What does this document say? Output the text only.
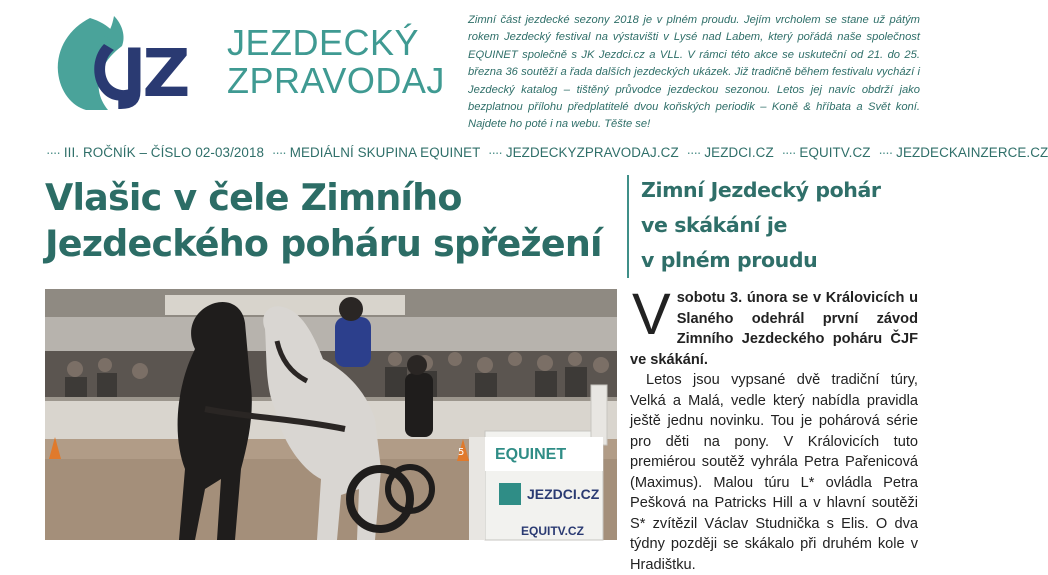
JZ JEZDECKÝ
ZPRAVODAJ

Zimní část jezdecké sezony 2018 je v plném proudu. Jejím vrcholem se stane už pátým rokem Jezdecký festival na výstavišti v Lysé nad Labem, který pořádá naše společnost EQUINET společně s JK Jezdci.cz a VLL. V rámci této akce se uskuteční od 21. do 25. března 36 soutěží a řada dalších jezdeckých ukázek. Již tradičně během festivalu vychází i Jezdecký katalog – tištěný průvodce jezdeckou sezonou. Letos jej navíc obdrží jako bezplatnou přílohu předplatitelé dvou koňských periodik – Koně & hříbata a Svět koní. Najdete ho poté i na webu. Těšte se!

···· III. ROČNÍK – ČÍSLO 02-03/2018 ···· MEDIÁLNÍ SKUPINA EQUINET ···· JEZDECKYZPRAVODAJ.CZ ···· JEZDCI.CZ ···· EQUITV.CZ ···· JEZDECKAINZERCE.CZ
Vlašic v čele Zimního
Jezdeckého poháru spřežení
5 EQUINET
JEZDCI.CZ
EQUITV.CZ
Zimní Jezdecký pohár
ve skákání je
v plném proudu
V sobotu 3. února se v Královicích u Slaného odehrál první závod Zimního Jezdeckého poháru ČJF ve skákání.

Letos jsou vypsané dvě tradiční túry, Velká a Malá, vedle který nabídla pravidla ještě jednu novinku. Tou je pohárová série pro děti na pony. V Královicích tuto premiérou soutěž vyhrála Petra Pařenicová (Maximus). Malou túru L* ovládla Petra Pešková na Patricks Hill a v hlavní soutěži S* zvítězil Václav Studnička s Elis. O dva týdny později se skákalo při druhém kole v Hradištku.
